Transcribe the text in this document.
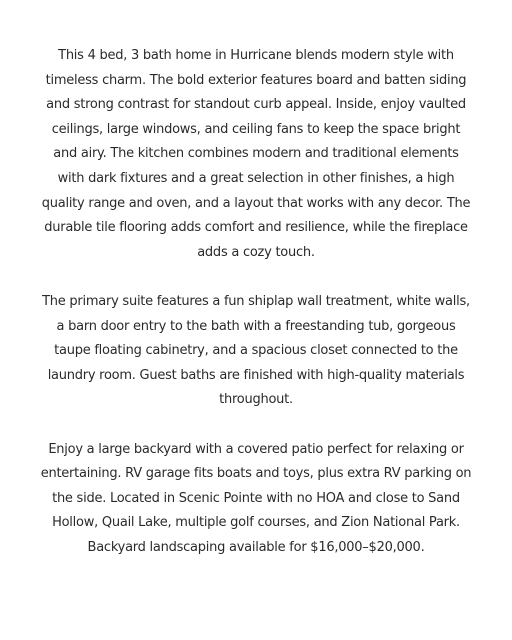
This 4 bed, 3 bath home in Hurricane blends modern style with timeless charm. The bold exterior features board and batten siding and strong contrast for standout curb appeal. Inside, enjoy vaulted ceilings, large windows, and ceiling fans to keep the space bright and airy. The kitchen combines modern and traditional elements with dark fixtures and a great selection in other finishes, a high quality range and oven, and a layout that works with any decor. The durable tile flooring adds comfort and resilience, while the fireplace adds a cozy touch.

The primary suite features a fun shiplap wall treatment, white walls, a barn door entry to the bath with a freestanding tub, gorgeous taupe floating cabinetry, and a spacious closet connected to the laundry room. Guest baths are finished with high-quality materials throughout.

Enjoy a large backyard with a covered patio perfect for relaxing or entertaining. RV garage fits boats and toys, plus extra RV parking on the side. Located in Scenic Pointe with no HOA and close to Sand Hollow, Quail Lake, multiple golf courses, and Zion National Park. Backyard landscaping available for $16,000–$20,000.
